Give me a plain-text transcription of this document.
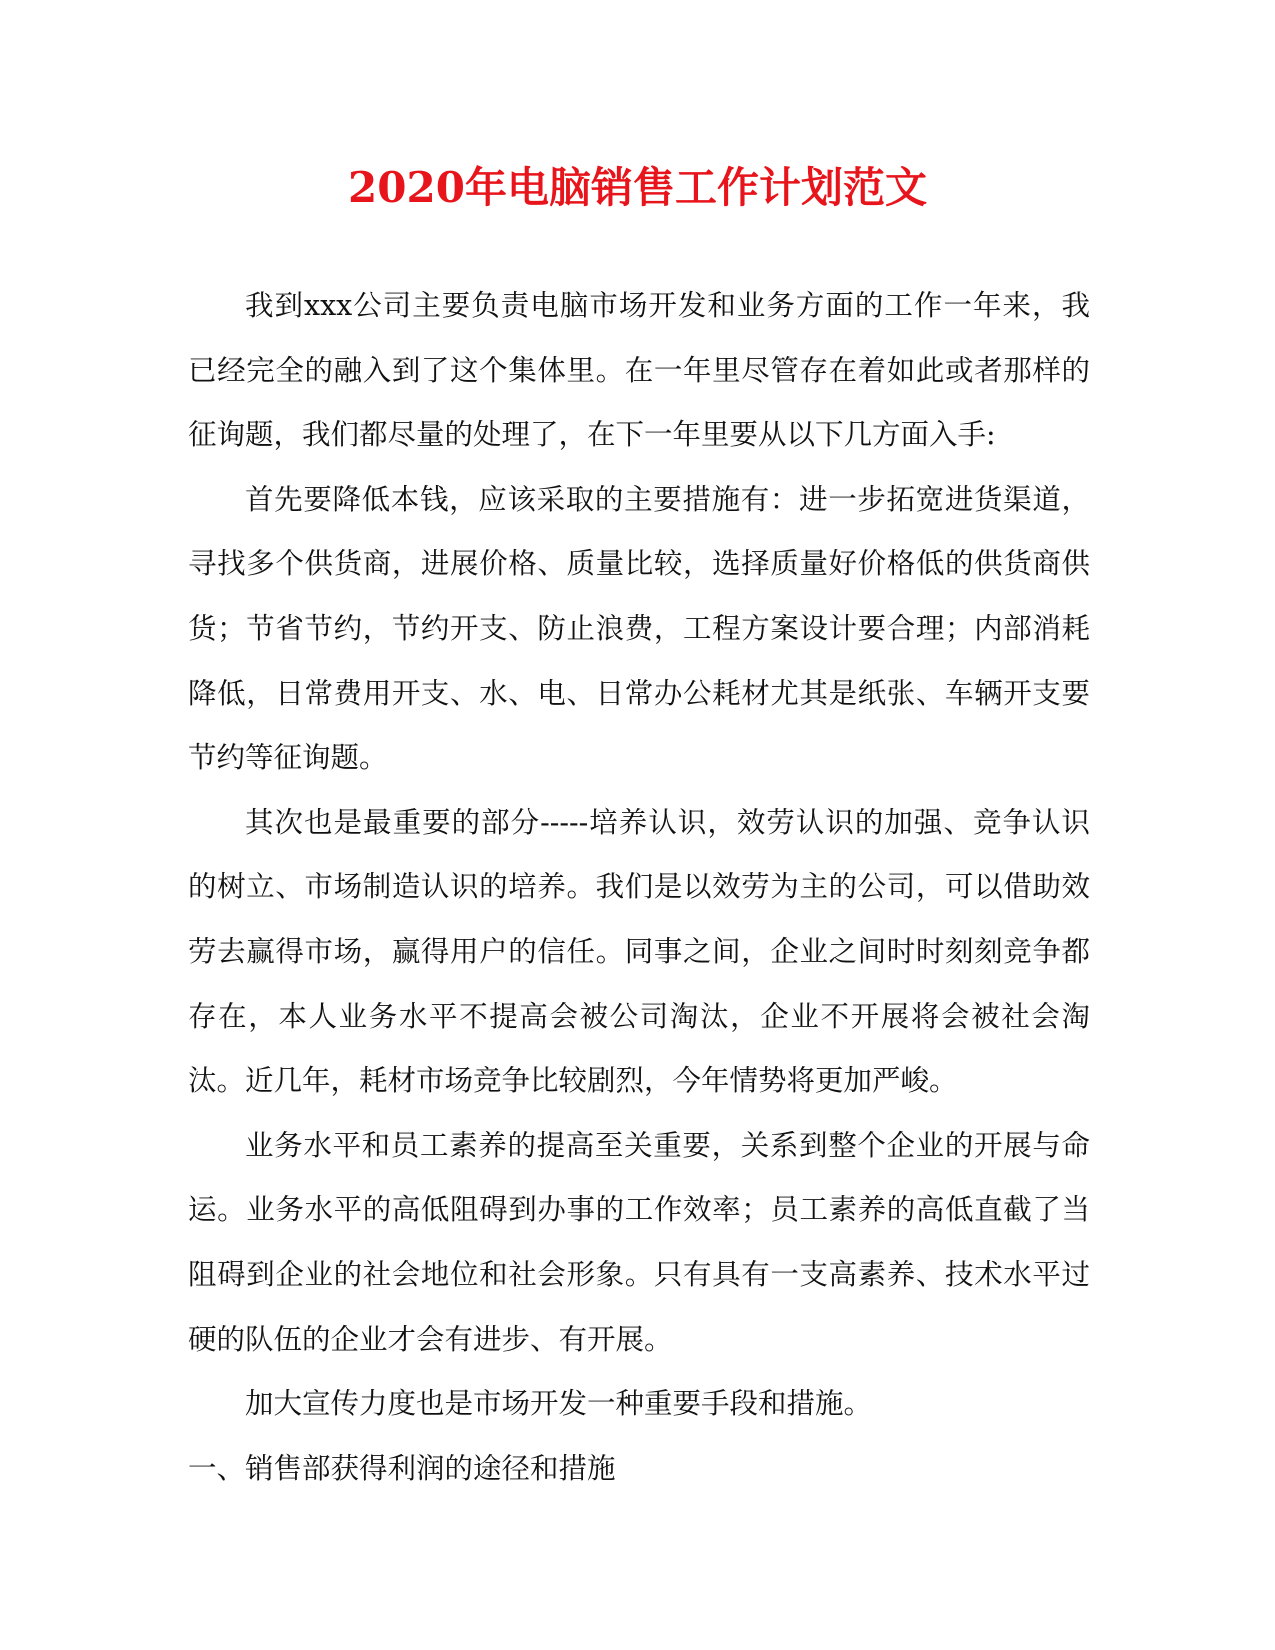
2020年电脑销售工作计划范文

我到xxx公司主要负责电脑市场开发和业务方面的工作一年来，我已经完全的融入到了这个集体里。在一年里尽管存在着如此或者那样的征询题，我们都尽量的处理了，在下一年里要从以下几方面入手:

首先要降低本钱，应该采取的主要措施有：进一步拓宽进货渠道，寻找多个供货商，进展价格、质量比较，选择质量好价格低的供货商供货；节省节约，节约开支、防止浪费，工程方案设计要合理；内部消耗降低，日常费用开支、水、电、日常办公耗材尤其是纸张、车辆开支要节约等征询题。

其次也是最重要的部分-----培养认识，效劳认识的加强、竞争认识的树立、市场制造认识的培养。我们是以效劳为主的公司，可以借助效劳去赢得市场，赢得用户的信任。同事之间，企业之间时时刻刻竞争都存在，本人业务水平不提高会被公司淘汰，企业不开展将会被社会淘汰。近几年，耗材市场竞争比较剧烈，今年情势将更加严峻。

业务水平和员工素养的提高至关重要，关系到整个企业的开展与命运。业务水平的高低阻碍到办事的工作效率；员工素养的高低直截了当阻碍到企业的社会地位和社会形象。只有具有一支高素养、技术水平过硬的队伍的企业才会有进步、有开展。

加大宣传力度也是市场开发一种重要手段和措施。

一、销售部获得利润的途径和措施
